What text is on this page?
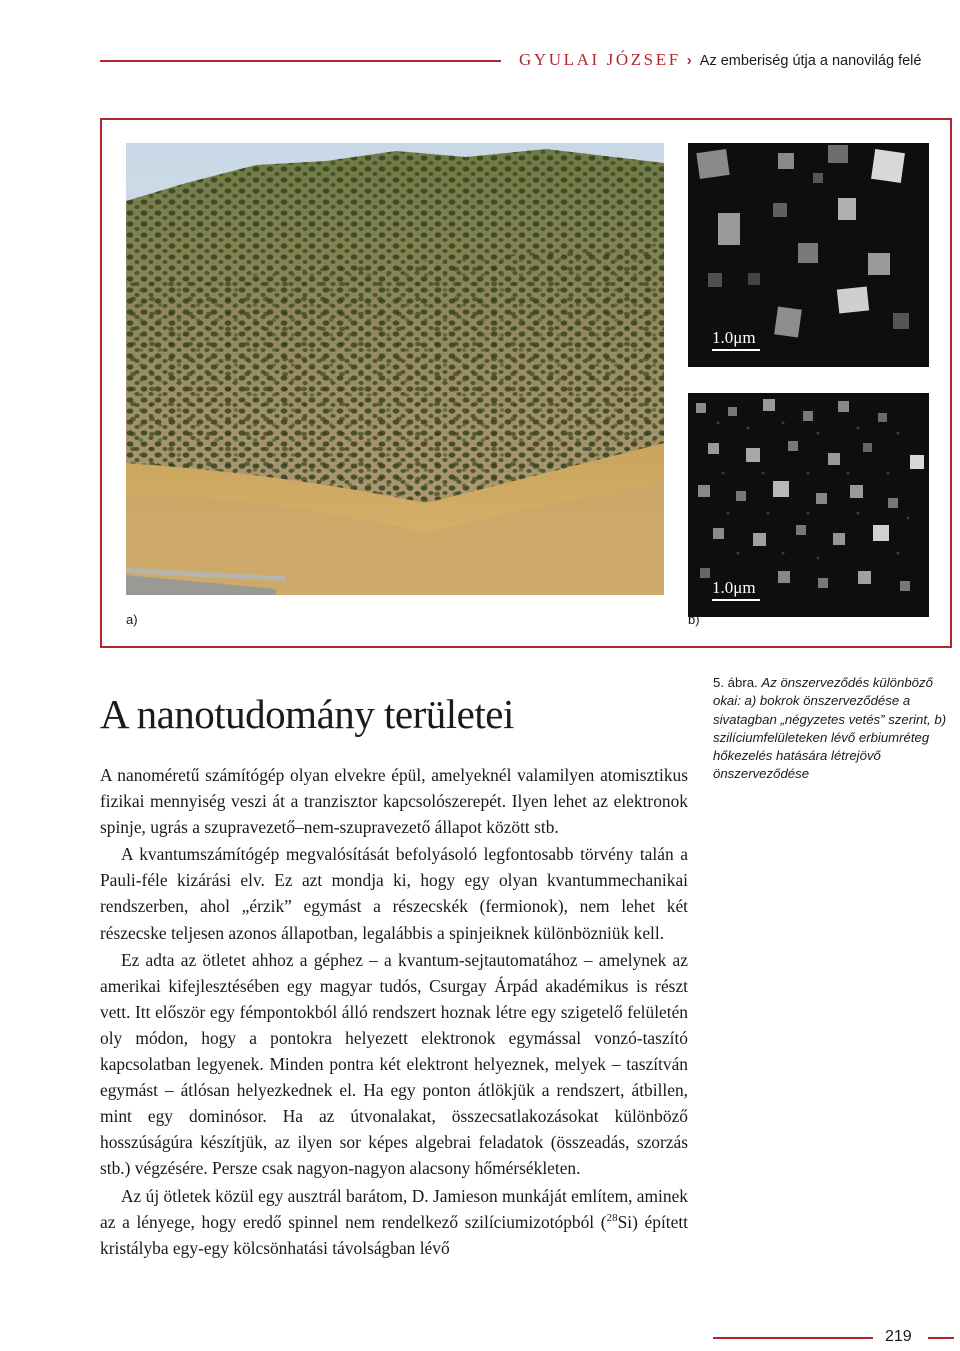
GYULAI JÓZSEF › Az emberiség útja a nanovilág felé
1.0μm
1.0μm
a)	b)
5. ábra. Az önszerveződés különböző okai: a) bokrok önszerveződése a sivatagban „négyzetes vetés” szerint, b) szilíciumfelületeken lévő erbiumréteg hőkezelés hatására létrejövő önszerveződése
A nanotudomány területei

A nanoméretű számítógép olyan elvekre épül, amelyeknél valamilyen atomisztikus fizikai mennyiség veszi át a tranzisztor kapcsolószerepét. Ilyen lehet az elektronok spinje, ugrás a szupravezető–nem-szupravezető állapot között stb.

A kvantumszámítógép megvalósítását befolyásoló legfontosabb törvény talán a Pauli-féle kizárási elv. Ez azt mondja ki, hogy egy olyan kvantummechanikai rendszerben, ahol „érzik” egymást a részecskék (fermionok), nem lehet két részecske teljesen azonos állapotban, legalábbis a spinjeiknek különbözniük kell.

Ez adta az ötletet ahhoz a géphez – a kvantum-sejtautomatához – amelynek az amerikai kifejlesztésében egy magyar tudós, Csurgay Árpád akadémikus is részt vett. Itt először egy fémpontokból álló rendszert hoznak létre egy szigetelő felületén oly módon, hogy a pontokra helyezett elektronok egymással vonzó-taszító kapcsolatban legyenek. Minden pontra két elektront helyeznek, melyek – taszítván egymást – átlósan helyezkednek el. Ha egy ponton átlökjük a rendszert, átbillen, mint egy dominósor. Ha az útvonalakat, összecsatlakozásokat különböző hosszúságúra készítjük, az ilyen sor képes algebrai feladatok (összeadás, szorzás stb.) végzésére. Persze csak nagyon-nagyon alacsony hőmérsékleten.

Az új ötletek közül egy ausztrál barátom, D. Jamieson munkáját említem, aminek az a lényege, hogy eredő spinnel nem rendelkező szilíciumizotópból ($^{28}$Si) épített kristályba egy-egy kölcsönhatási távolságban lévő

219
